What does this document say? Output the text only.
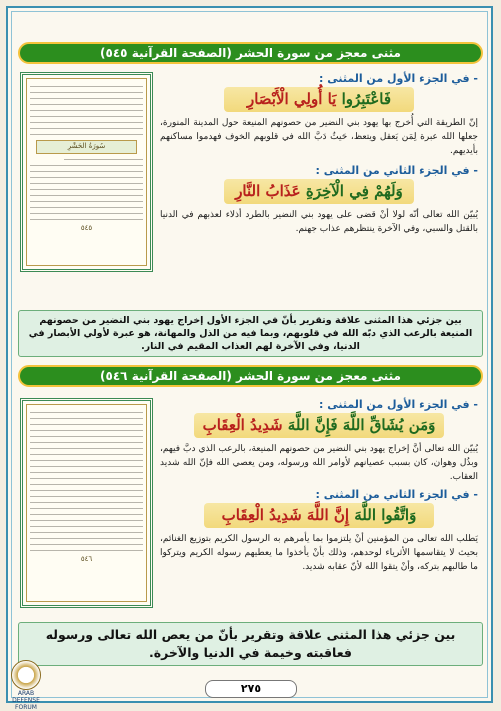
مثنى معجز من سورة الحشر (الصفحة القرآنية ٥٤٥)
سُورَةُ الحَشْرِ
٥٤٥
- في الجزء الأول من المثنى :
فَاعْتَبِرُوا يَا أُولِي الْأَبْصَارِ

إنّ الطريقة التي أُخرج بها يهود بني النضير من حصونهم المنيعة حول المدينة المنورة، جعلها الله عبرة لِمَن يَعقل ويتعظ، حَيثُ دَبَّ الله في قلوبهم الخوف فهدموا مساكنهم بأيديهم.

- في الجزء الثاني من المثنى :
وَلَهُمْ فِي الْآخِرَةِ عَذَابُ النَّارِ

يُبيّن الله تعالى أنّه لولا أنْ قضى على يهود بني النضير بالطرد أذلاء لعذبهم في الدنيا بالقتل والسبي، وفي الآخرة ينتظرهم عذاب جهنم.

بين جزئي هذا المثنى علاقة وتقرير بأنّ في الجزء الأول إخراج يهود بني النضير من حصونهم المنيعة بالرعب الذي دبّه الله في قلوبهم، وبما فيه من الذل والمهانة، هو عبرة لأولي الأبصار في الدنيا، وفي الآخرة لهم العذاب المقيم في النار.
مثنى معجز من سورة الحشر (الصفحة القرآنية ٥٤٦)
٥٤٦
- في الجزء الأول من المثنى :
وَمَن يُشَاقِّ اللَّهَ فَإِنَّ اللَّهَ شَدِيدُ الْعِقَابِ

يُبيّن الله تعالى أنَّ إخراج يهود بني النضير من حصونهم المنيعة، بالرعب الذي دبَّ فيهم، وبذُل وهوان، كان بسبب عصيانهم لأوامر الله ورسوله، ومن يعصي الله فإنّ الله شديد العقاب.

- في الجزء الثاني من المثنى :
وَاتَّقُوا اللَّهَ إِنَّ اللَّهَ شَدِيدُ الْعِقَابِ

يَطلب الله تعالى من المؤمنين أنْ يلتزموا بما يأمرهم به الرسول الكريم بتوزيع الغنائم، بحيث لا يتقاسمها الأثرياء لوحدهم، وذلك بأنْ يأخذوا ما يعطيهم رسوله الكريم ويتركوا ما طالبهم بتركه، وأنْ يتقوا الله لأنّ عقابه شديد.

بين جزئي هذا المثنى علاقة وتقرير بأنّ من يعص الله تعالى ورسوله فعاقبته وخيمة في الدنيا والآخرة.
ARAB DEFENSE FORUM
٢٧٥
